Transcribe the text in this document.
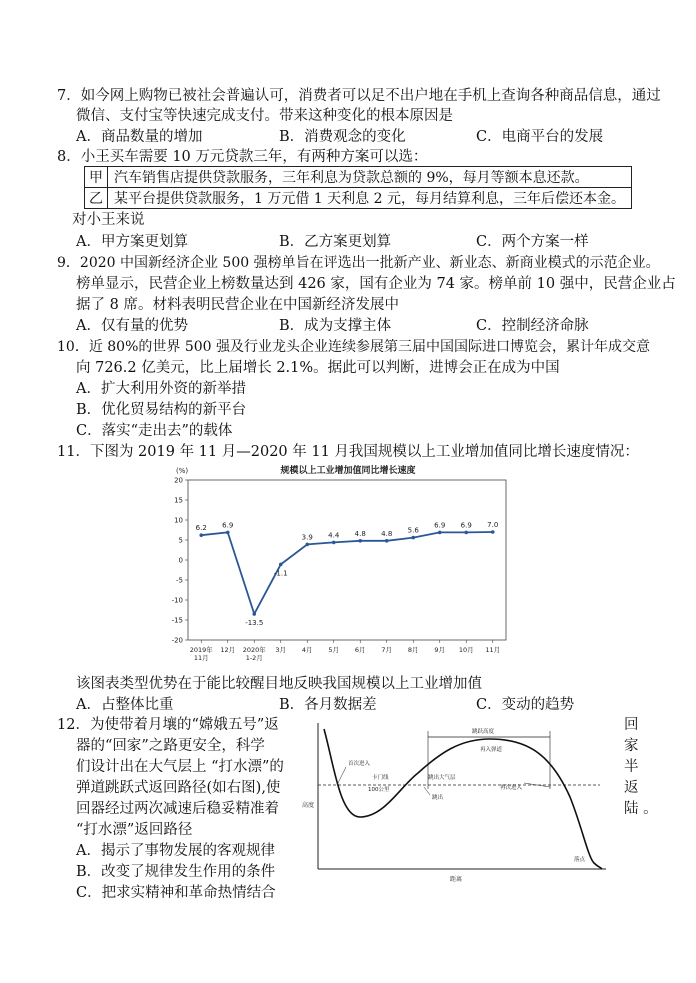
7．如今网上购物已被社会普遍认可，消费者可以足不出户地在手机上查询各种商品信息，通过
微信、支付宝等快速完成支付。带来这种变化的根本原因是
A．商品数量的增加	B．消费观念的变化	C．电商平台的发展
8．小王买车需要 10 万元贷款三年，有两种方案可以选：
甲	汽车销售店提供贷款服务，三年利息为贷款总额的 9%，每月等额本息还款。
乙	某平台提供贷款服务，1 万元借 1 天利息 2 元，每月结算利息，三年后偿还本金。
对小王来说
A．甲方案更划算	B．乙方案更划算	C．两个方案一样
9．2020 中国新经济企业 500 强榜单旨在评选出一批新产业、新业态、新商业模式的示范企业。
榜单显示，民营企业上榜数量达到 426 家，国有企业为 74 家。榜单前 10 强中，民营企业占
据了 8 席。材料表明民营企业在中国新经济发展中
A．仅有量的优势	B．成为支撑主体	C．控制经济命脉
10．近 80%的世界 500 强及行业龙头企业连续参展第三届中国国际进口博览会，累计年成交意
向 726.2 亿美元，比上届增长 2.1%。据此可以判断，进博会正在成为中国
A．扩大利用外资的新举措
B．优化贸易结构的新平台
C．落实“走出去”的载体
11．下图为 2019 年 11 月—2020 年 11 月我国规模以上工业增加值同比增长速度情况：
规模以上工业增加值同比增长速度
(%)
20
15
10
5
0
-5
-10
-15
-20
2019年
11月
12月 2020年
1-2月
3月 4月 5月 6月 7月 8月 9月 10月 11月
6.2 6.9
-13.5
-1.1
3.9 4.4 4.8 4.8 5.6
6.9 6.9 7.0
该图表类型优势在于能比较醒目地反映我国规模以上工业增加值
A．占整体比重	B．各月数据差	C．变动的趋势
12．为使带着月壤的“嫦娥五号”返
器的“回家”之路更安全，科学
们设计出在大气层上 “打水漂”的
弹道跳跃式返回路径(如右图),使
回器经过两次减速后稳妥精准着
“打水漂”返回路径
回
家
半
返
陆 。
A．揭示了事物发展的客观规律
B．改变了规律发生作用的条件
C．把求实精神和革命热情结合
高度
距离
卡门线
100公里
跳跃高度
首次进入
再入弹道
跳出大气层
跳出
再次进入
落点
